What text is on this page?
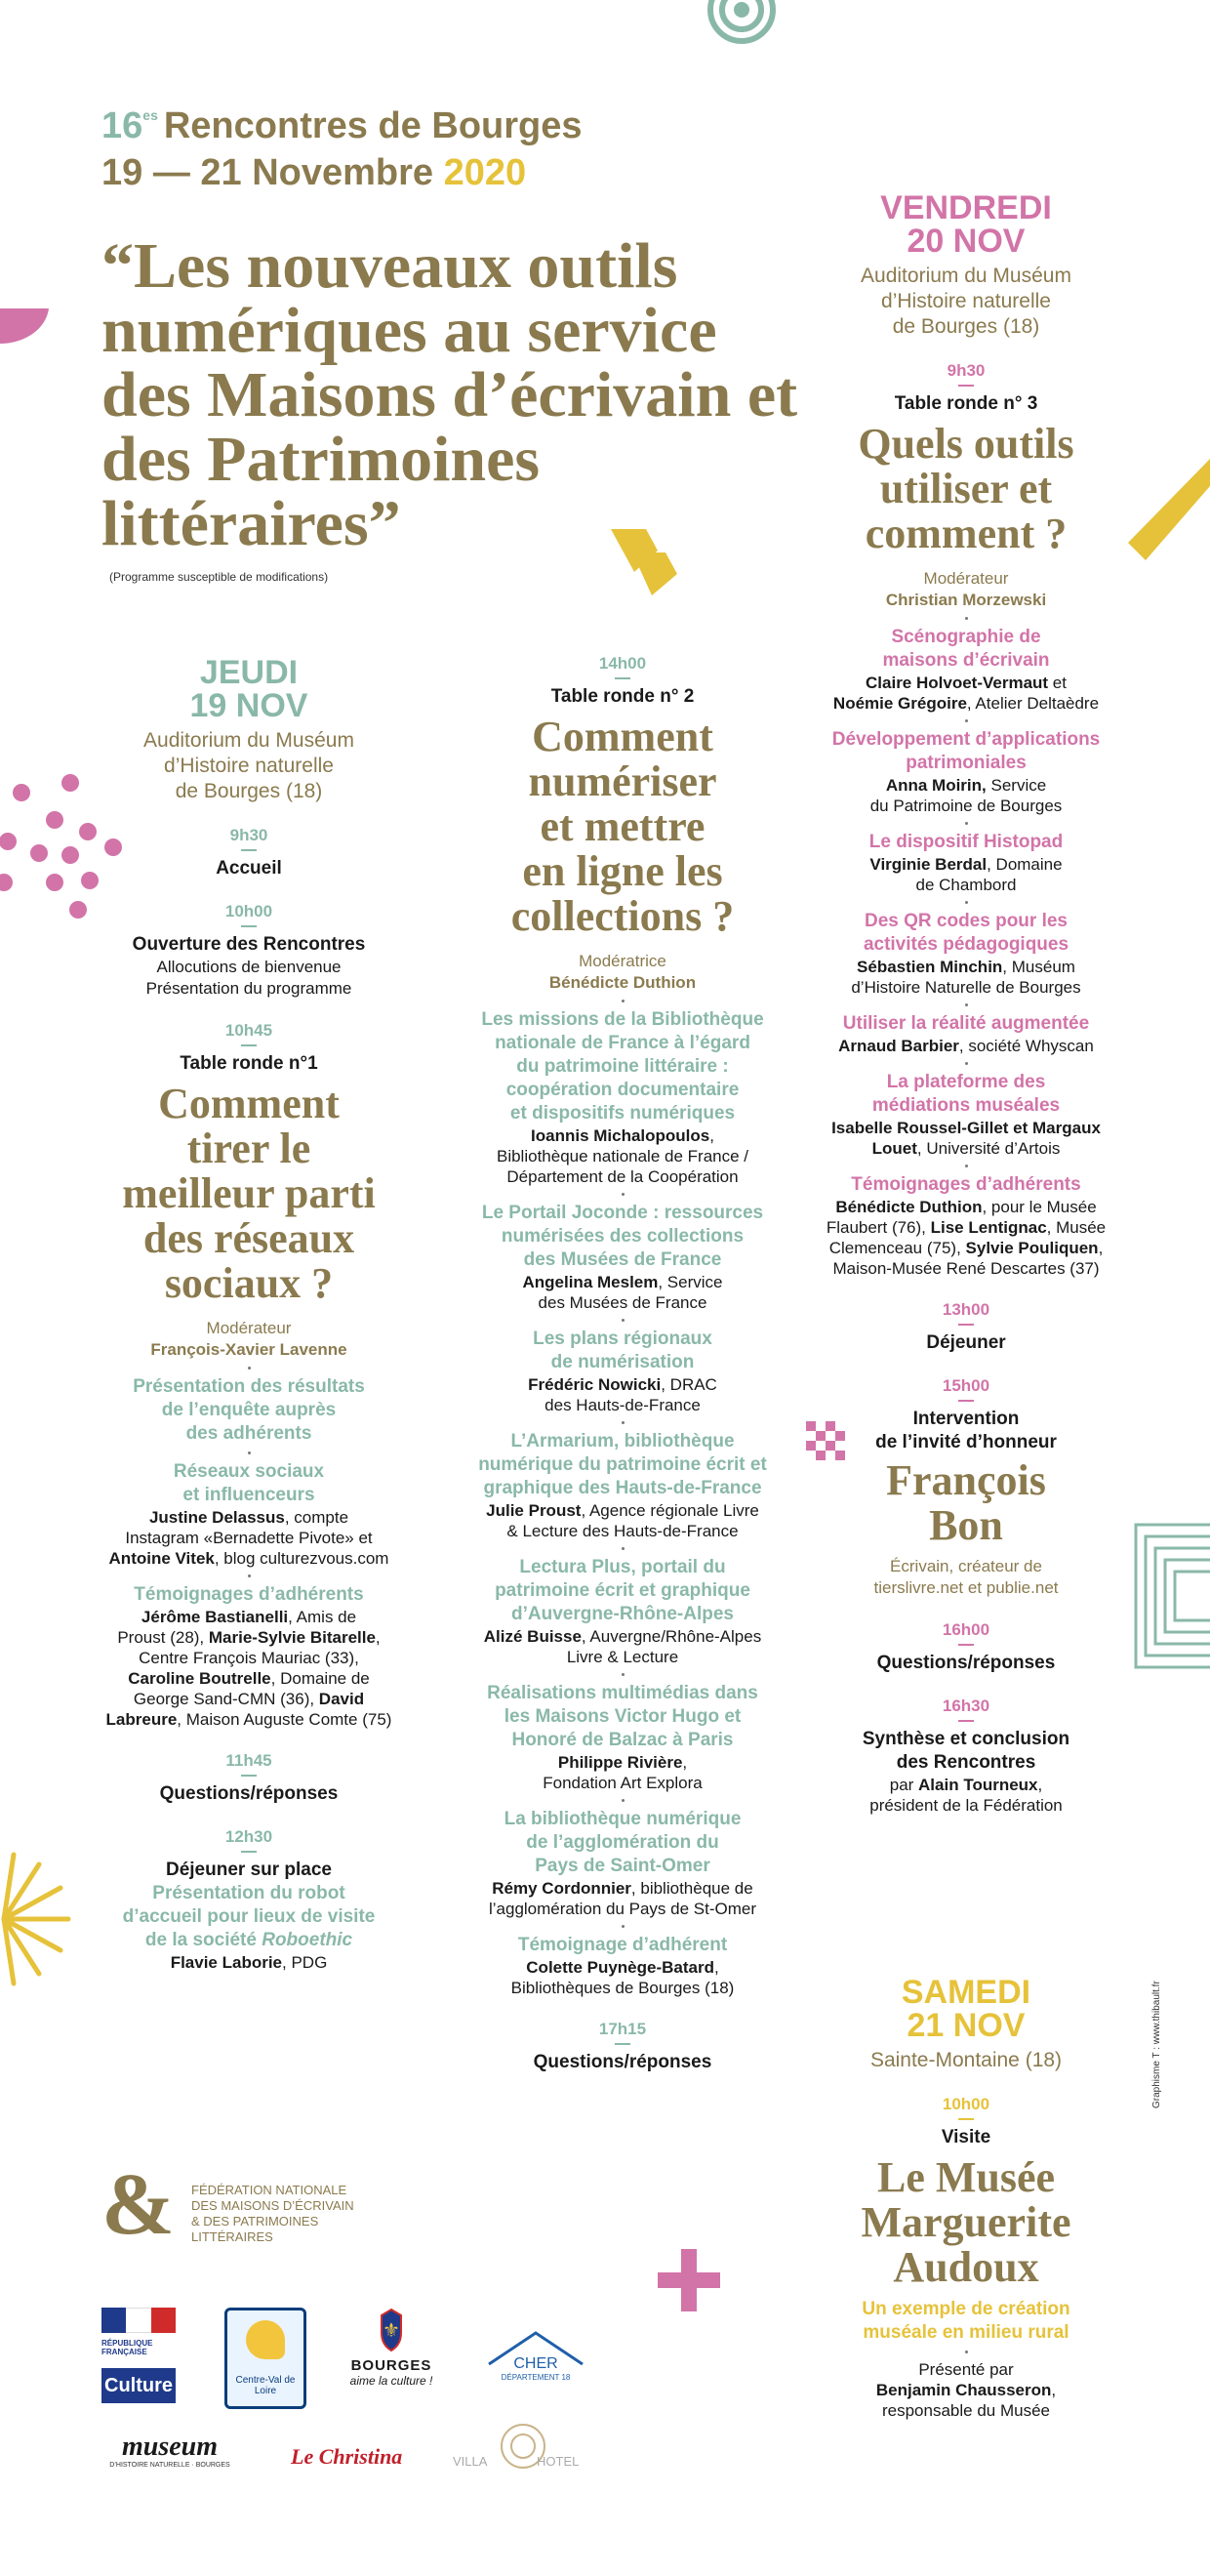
$16^{es}$ Rencontres de Bourges
19 — 21 Novembre 2020
“Les nouveaux outils numériques au service des Maisons d’écrivain et des Patrimoines littéraires”
(Programme susceptible de modifications)
JEUDI
19 NOV
Auditorium du Muséum
d’Histoire naturelle
de Bourges (18)
9h30
Accueil
10h00
Ouverture des Rencontres
Allocutions de bienvenue
Présentation du programme
10h45
Table ronde n°1
Comment
tirer le
meilleur parti
des réseaux
sociaux ?
Modérateur
François-Xavier Lavenne
Présentation des résultats
de l’enquête auprès
des adhérents
Réseaux sociaux
et influenceurs
Justine Delassus, compte
Instagram «Bernadette Pivote» et
Antoine Vitek, blog culturezvous.com
Témoignages d’adhérents
Jérôme Bastianelli, Amis de
Proust (28), Marie-Sylvie Bitarelle,
Centre François Mauriac (33),
Caroline Boutrelle, Domaine de
George Sand-CMN (36), David
Labreure, Maison Auguste Comte (75)
11h45
Questions/réponses
12h30
Déjeuner sur place
Présentation du robot
d’accueil pour lieux de visite
de la société Roboethic
Flavie Laborie, PDG
14h00
Table ronde n° 2
Comment
numériser
et mettre
en ligne les
collections ?
Modératrice
Bénédicte Duthion
Les missions de la Bibliothèque
nationale de France à l’égard
du patrimoine littéraire :
coopération documentaire
et dispositifs numériques
Ioannis Michalopoulos,
Bibliothèque nationale de France /
Département de la Coopération
Le Portail Joconde : ressources
numérisées des collections
des Musées de France
Angelina Meslem, Service
des Musées de France
Les plans régionaux
de numérisation
Frédéric Nowicki, DRAC
des Hauts-de-France
L’Armarium, bibliothèque
numérique du patrimoine écrit et
graphique des Hauts-de-France
Julie Proust, Agence régionale Livre
& Lecture des Hauts-de-France
Lectura Plus, portail du
patrimoine écrit et graphique
d’Auvergne-Rhône-Alpes
Alizé Buisse, Auvergne/Rhône-Alpes
Livre & Lecture
Réalisations multimédias dans
les Maisons Victor Hugo et
Honoré de Balzac à Paris
Philippe Rivière,
Fondation Art Explora
La bibliothèque numérique
de l’agglomération du
Pays de Saint-Omer
Rémy Cordonnier, bibliothèque de
l’agglomération du Pays de St-Omer
Témoignage d’adhérent
Colette Puynège-Batard,
Bibliothèques de Bourges (18)
17h15
Questions/réponses
VENDREDI
20 NOV
Auditorium du Muséum
d’Histoire naturelle
de Bourges (18)
9h30
Table ronde n° 3
Quels outils
utiliser et
comment ?
Modérateur
Christian Morzewski
Scénographie de
maisons d’écrivain
Claire Holvoet-Vermaut et
Noémie Grégoire, Atelier Deltaèdre
Développement d’applications
patrimoniales
Anna Moirin, Service
du Patrimoine de Bourges
Le dispositif Histopad
Virginie Berdal, Domaine
de Chambord
Des QR codes pour les
activités pédagogiques
Sébastien Minchin, Muséum
d’Histoire Naturelle de Bourges
Utiliser la réalité augmentée
Arnaud Barbier, société Whyscan
La plateforme des
médiations muséales
Isabelle Roussel-Gillet et Margaux
Louet, Université d’Artois
Témoignages d’adhérents
Bénédicte Duthion, pour le Musée
Flaubert (76), Lise Lentignac, Musée
Clemenceau (75), Sylvie Pouliquen,
Maison-Musée René Descartes (37)
13h00
Déjeuner
15h00
Intervention
de l’invité d’honneur
François
Bon
Écrivain, créateur de
tierslivre.net et publie.net
16h00
Questions/réponses
16h30
Synthèse et conclusion
des Rencontres
par Alain Tourneux,
président de la Fédération
SAMEDI
21 NOV
Sainte-Montaine (18)
10h00
Visite
Le Musée
Marguerite
Audoux
Un exemple de création
muséale en milieu rural
Présenté par
Benjamin Chausseron,
responsable du Musée
& FÉDÉRATION NATIONALE
DES MAISONS D’ÉCRIVAIN
& DES PATRIMOINES
LITTÉRAIRES
RÉPUBLIQUE FRANÇAISE
Culture	Centre-Val de Loire
⚜
BOURGES
aime la culture !
CHER
DÉPARTEMENT 18
museum
D’HISTOIRE NATURELLE · BOURGES	Le Christina	VILLA	HOTEL
Graphisme T : www.thibault.fr
